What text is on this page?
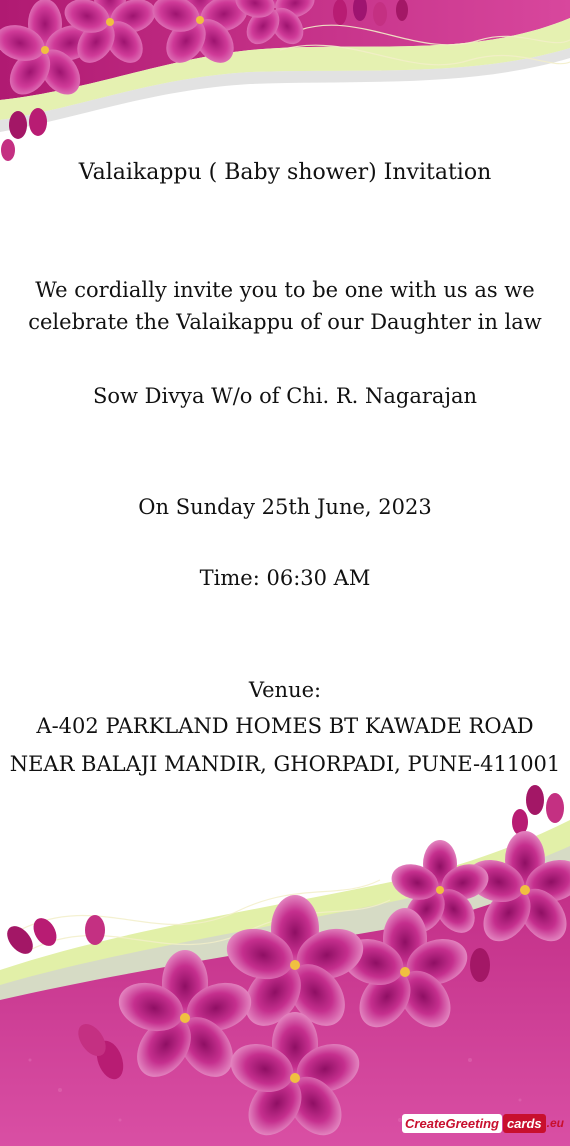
Valaikappu ( Baby shower) Invitation
We cordially invite you to be one with us as we
celebrate the Valaikappu of our Daughter in law
Sow Divya W/o of Chi. R. Nagarajan
On Sunday 25th June, 2023
Time: 06:30 AM
Venue:
A-402 PARKLAND HOMES BT KAWADE ROAD
NEAR BALAJI MANDIR, GHORPADI, PUNE-411001
CreateGreeting cards .eu
